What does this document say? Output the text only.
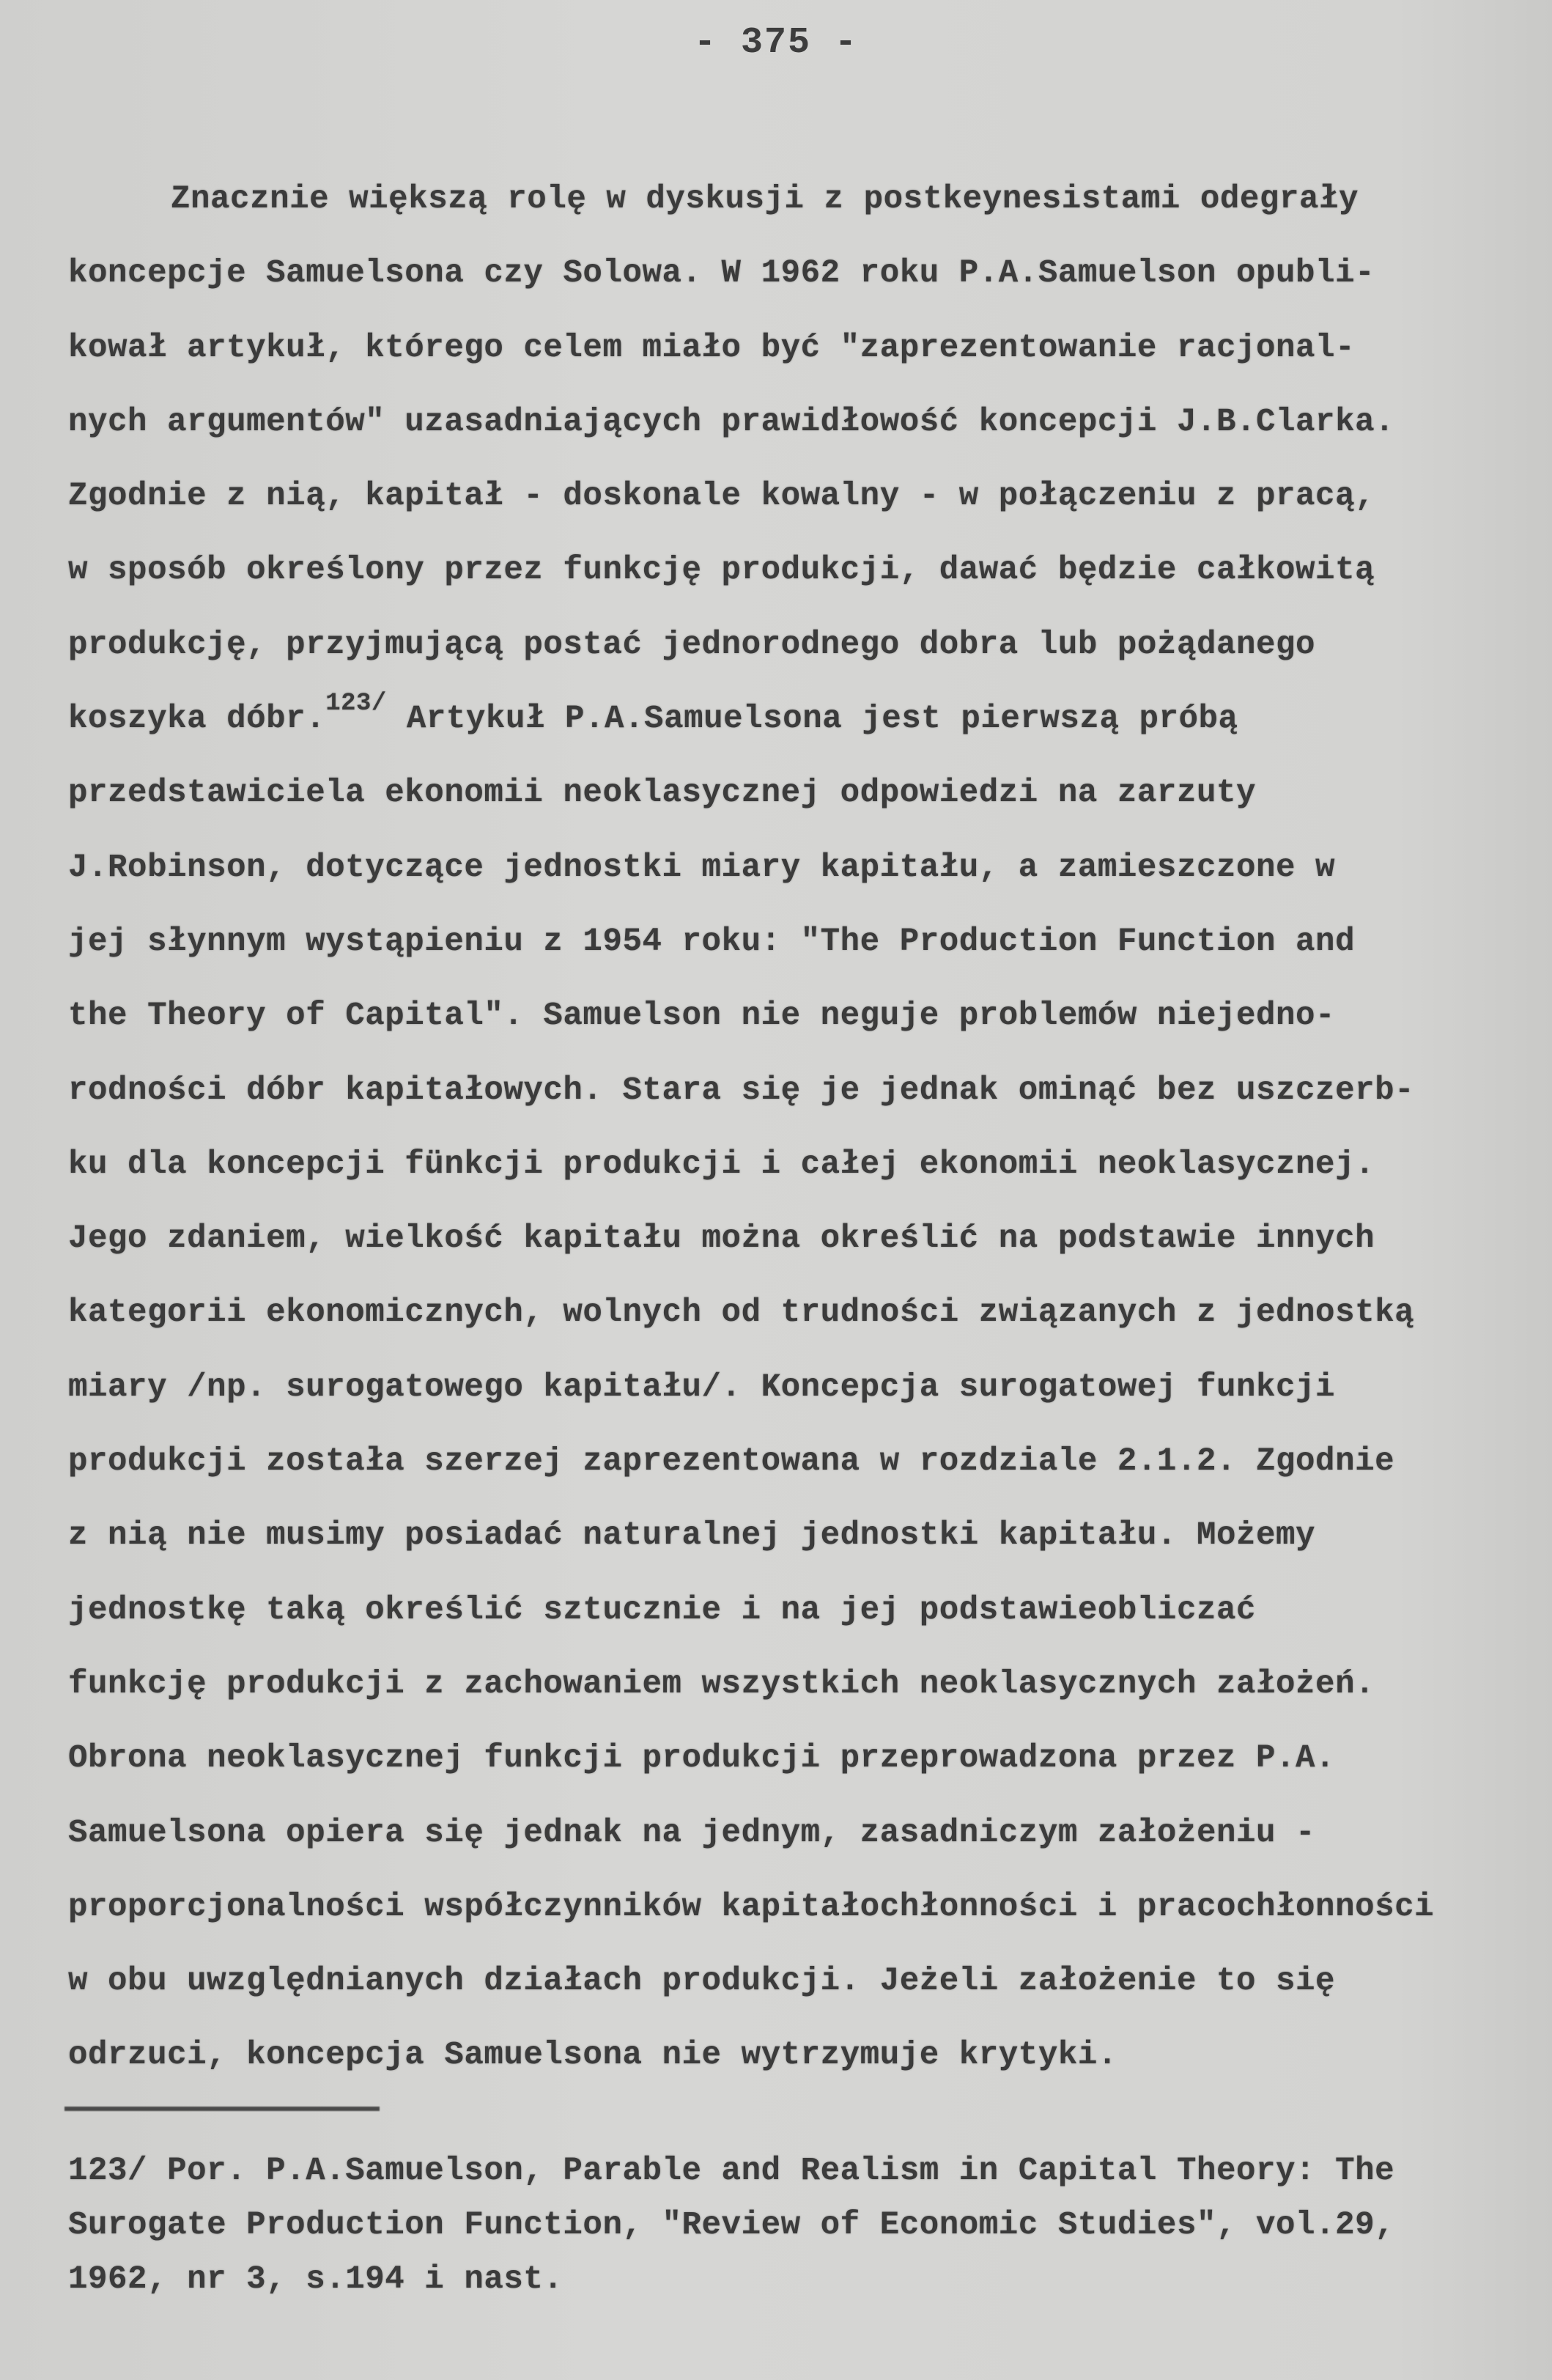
- 375 -
Znacznie większą rolę w dyskusji z postkeynesistami odegrały
koncepcje Samuelsona czy Solowa. W 1962 roku P.A.Samuelson opubli-
kował artykuł, którego celem miało być "zaprezentowanie racjonal-
nych argumentów" uzasadniających prawidłowość koncepcji J.B.Clarka.
Zgodnie z nią, kapitał - doskonale kowalny - w połączeniu z pracą,
w sposób określony przez funkcję produkcji, dawać będzie całkowitą
produkcję, przyjmującą postać jednorodnego dobra lub pożądanego
koszyka dóbr.$^{123/}$ Artykuł P.A.Samuelsona jest pierwszą próbą
przedstawiciela ekonomii neoklasycznej odpowiedzi na zarzuty
J.Robinson, dotyczące jednostki miary kapitału, a zamieszczone w
jej słynnym wystąpieniu z 1954 roku: "The Production Function and
the Theory of Capital". Samuelson nie neguje problemów niejedno-
rodności dóbr kapitałowych. Stara się je jednak ominąć bez uszczerb-
ku dla koncepcji fünkcji produkcji i całej ekonomii neoklasycznej.
Jego zdaniem, wielkość kapitału można określić na podstawie innych
kategorii ekonomicznych, wolnych od trudności związanych z jednostką
miary /np. surogatowego kapitału/. Koncepcja surogatowej funkcji
produkcji została szerzej zaprezentowana w rozdziale 2.1.2. Zgodnie
z nią nie musimy posiadać naturalnej jednostki kapitału. Możemy
jednostkę taką określić sztucznie i na jej podstawieobliczać
funkcję produkcji z zachowaniem wszystkich neoklasycznych założeń.
Obrona neoklasycznej funkcji produkcji przeprowadzona przez P.A.
Samuelsona opiera się jednak na jednym, zasadniczym założeniu -
proporcjonalności współczynników kapitałochłonności i pracochłonności
w obu uwzględnianych działach produkcji. Jeżeli założenie to się
odrzuci, koncepcja Samuelsona nie wytrzymuje krytyki.
123/ Por. P.A.Samuelson, Parable and Realism in Capital Theory: The
Surogate Production Function, "Review of Economic Studies", vol.29,
1962, nr 3, s.194 i nast.
